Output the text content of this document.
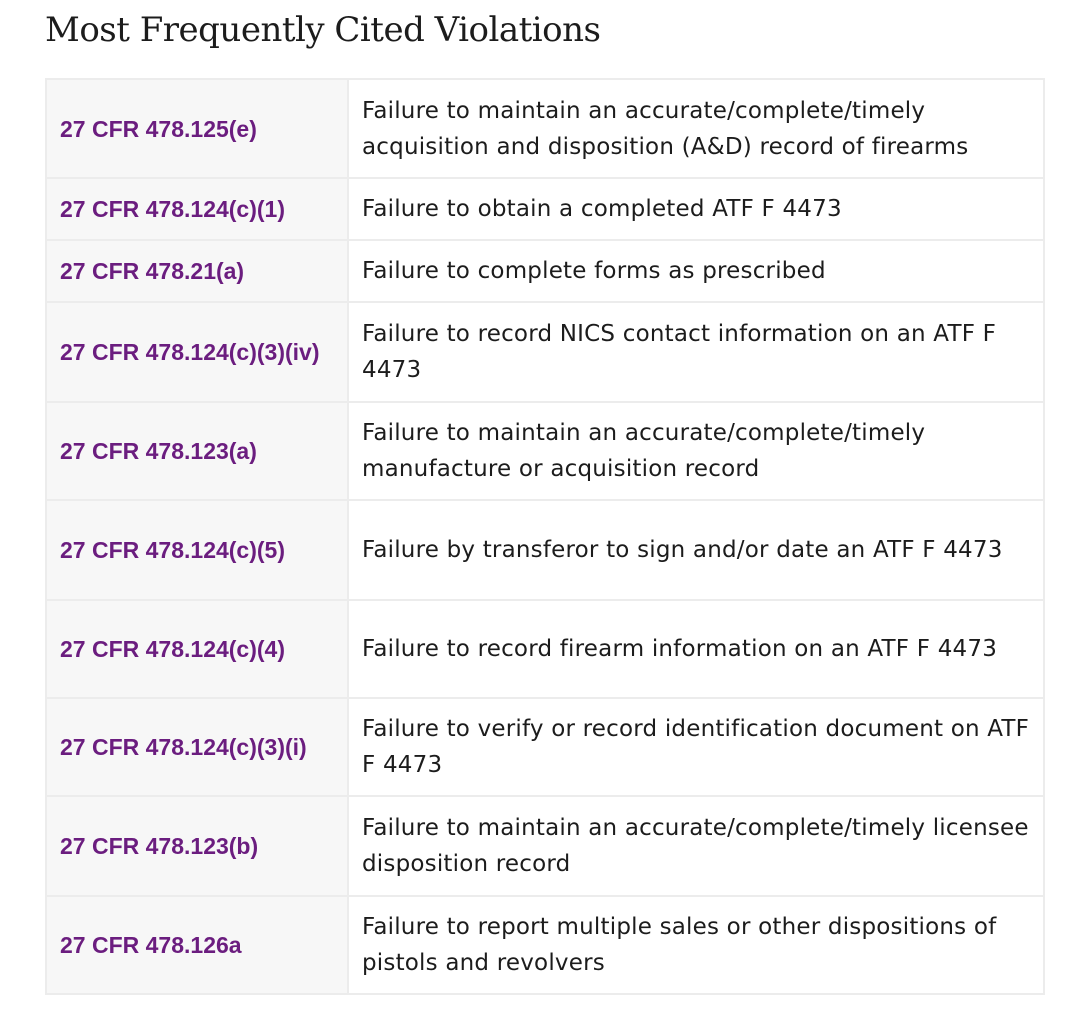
Most Frequently Cited Violations
27 CFR 478.125(e)	Failure to maintain an accurate/complete/timely acquisition and disposition (A&D) record of firearms
27 CFR 478.124(c)(1)	Failure to obtain a completed ATF F 4473
27 CFR 478.21(a)	Failure to complete forms as prescribed
27 CFR 478.124(c)(3)(iv)	Failure to record NICS contact information on an ATF F 4473
27 CFR 478.123(a)	Failure to maintain an accurate/complete/timely manufacture or acquisition record
27 CFR 478.124(c)(5)	Failure by transferor to sign and/or date an ATF F 4473
27 CFR 478.124(c)(4)	Failure to record firearm information on an ATF F 4473
27 CFR 478.124(c)(3)(i)	Failure to verify or record identification document on ATF F 4473
27 CFR 478.123(b)	Failure to maintain an accurate/complete/timely licensee disposition record
27 CFR 478.126a	Failure to report multiple sales or other dispositions of pistols and revolvers
